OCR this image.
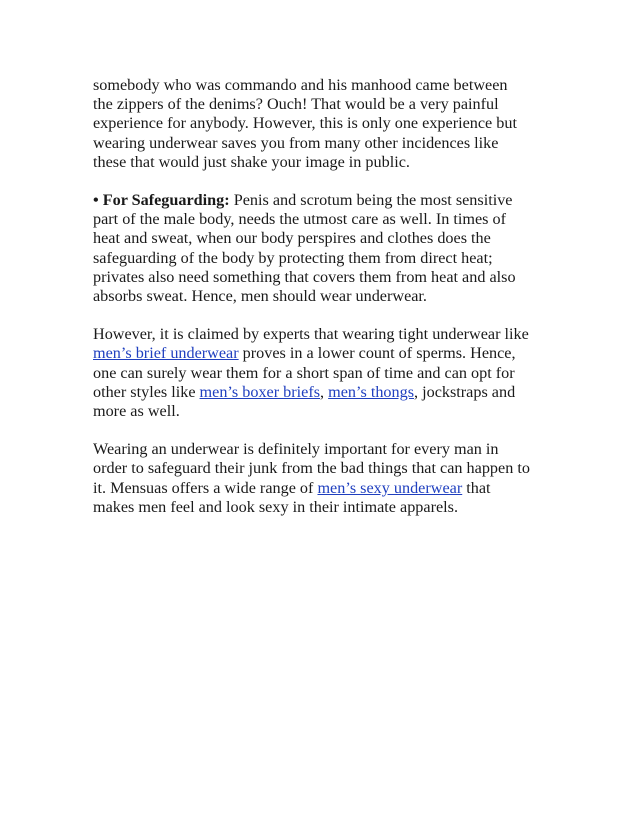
somebody who was commando and his manhood came between
the zippers of the denims? Ouch! That would be a very painful
experience for anybody. However, this is only one experience but
wearing underwear saves you from many other incidences like
these that would just shake your image in public.

• For Safeguarding: Penis and scrotum being the most sensitive
part of the male body, needs the utmost care as well. In times of
heat and sweat, when our body perspires and clothes does the
safeguarding of the body by protecting them from direct heat;
privates also need something that covers them from heat and also
absorbs sweat. Hence, men should wear underwear.

However, it is claimed by experts that wearing tight underwear like
men’s brief underwear proves in a lower count of sperms. Hence,
one can surely wear them for a short span of time and can opt for
other styles like men’s boxer briefs, men’s thongs, jockstraps and
more as well.

Wearing an underwear is definitely important for every man in
order to safeguard their junk from the bad things that can happen to
it. Mensuas offers a wide range of men’s sexy underwear that
makes men feel and look sexy in their intimate apparels.
